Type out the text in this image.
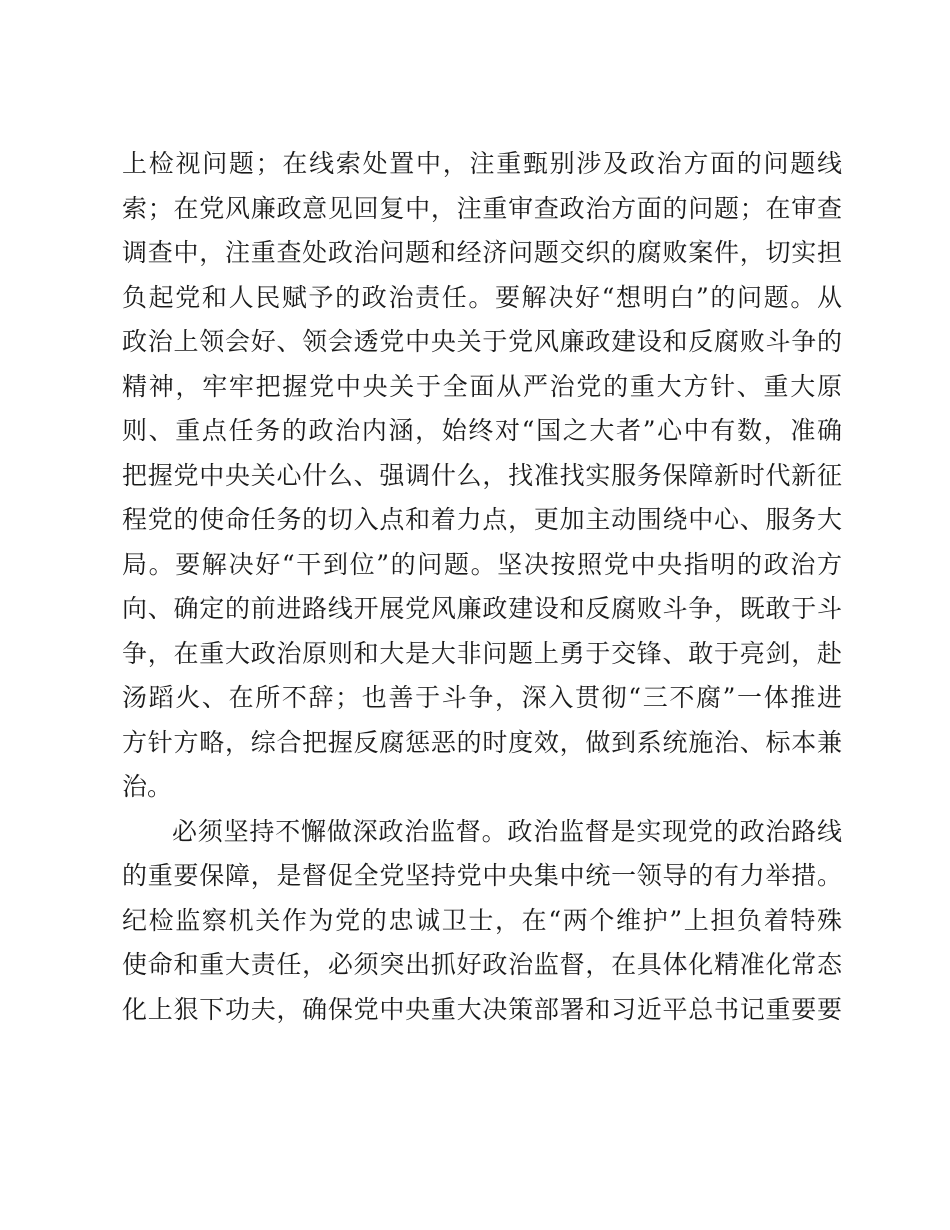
上检视问题；在线索处置中，注重甄别涉及政治方面的问题线
索；在党风廉政意见回复中，注重审查政治方面的问题；在审查
调查中，注重查处政治问题和经济问题交织的腐败案件，切实担
负起党和人民赋予的政治责任。要解决好“想明白”的问题。从
政治上领会好、领会透党中央关于党风廉政建设和反腐败斗争的
精神，牢牢把握党中央关于全面从严治党的重大方针、重大原
则、重点任务的政治内涵，始终对“国之大者”心中有数，准确
把握党中央关心什么、强调什么，找准找实服务保障新时代新征
程党的使命任务的切入点和着力点，更加主动围绕中心、服务大
局。要解决好“干到位”的问题。坚决按照党中央指明的政治方
向、确定的前进路线开展党风廉政建设和反腐败斗争，既敢于斗
争，在重大政治原则和大是大非问题上勇于交锋、敢于亮剑，赴
汤蹈火、在所不辞；也善于斗争，深入贯彻“三不腐”一体推进
方针方略，综合把握反腐惩恶的时度效，做到系统施治、标本兼
治。
必须坚持不懈做深政治监督。政治监督是实现党的政治路线
的重要保障，是督促全党坚持党中央集中统一领导的有力举措。
纪检监察机关作为党的忠诚卫士，在“两个维护”上担负着特殊
使命和重大责任，必须突出抓好政治监督，在具体化精准化常态
化上狠下功夫，确保党中央重大决策部署和习近平总书记重要要
